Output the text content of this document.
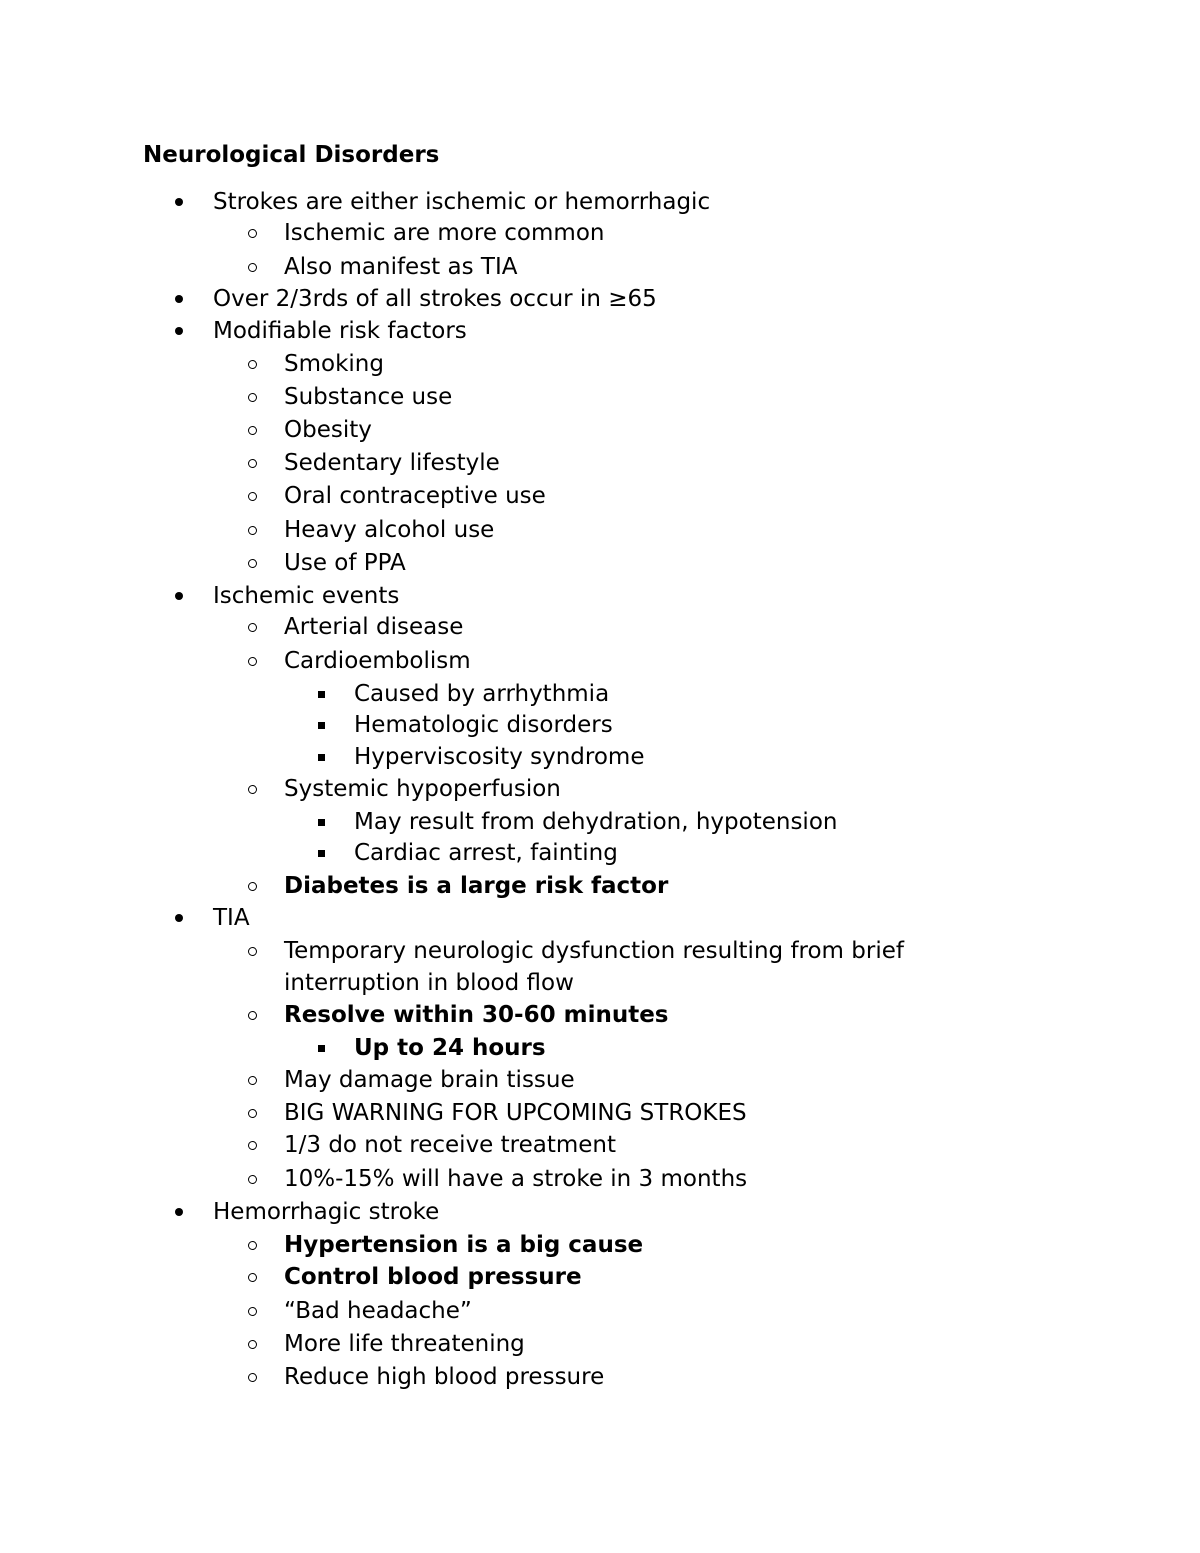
Neurological Disorders
Strokes are either ischemic or hemorrhagic
Ischemic are more common
Also manifest as TIA
Over 2/3rds of all strokes occur in ≥65
Modifiable risk factors
Smoking
Substance use
Obesity
Sedentary lifestyle
Oral contraceptive use
Heavy alcohol use
Use of PPA
Ischemic events
Arterial disease
Cardioembolism
Caused by arrhythmia
Hematologic disorders
Hyperviscosity syndrome
Systemic hypoperfusion
May result from dehydration, hypotension
Cardiac arrest, fainting
Diabetes is a large risk factor
TIA
Temporary neurologic dysfunction resulting from brief
interruption in blood flow
Resolve within 30-60 minutes
Up to 24 hours
May damage brain tissue
BIG WARNING FOR UPCOMING STROKES
1/3 do not receive treatment
10%-15% will have a stroke in 3 months
Hemorrhagic stroke
Hypertension is a big cause
Control blood pressure
“Bad headache”
More life threatening
Reduce high blood pressure
